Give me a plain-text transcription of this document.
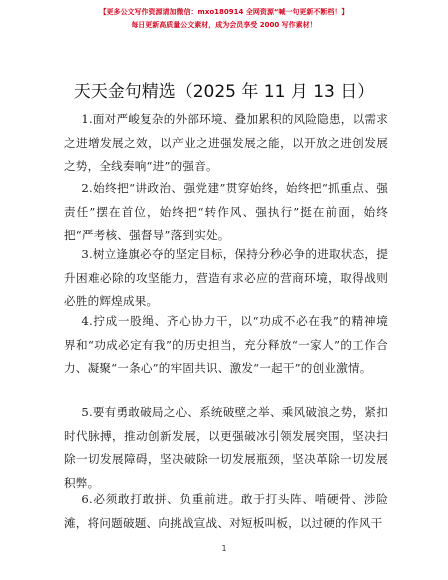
【更多公文写作资源请加微信：mxo180914 全网资源“喊一句更新不断档！】
每日更新高质量公文素材，成为会员享受 2000 写作素材！
天天金句精选（2025 年 11 月 13 日）

1.面对严峻复杂的外部环境、叠加累积的风险隐患，以需求之进增发展之效，以产业之进强发展之能，以开放之进创发展之势，全线奏响“进”的强音。

2.始终把“讲政治、强党建”贯穿始终，始终把“抓重点、强责任”摆在首位，始终把“转作风、强执行”挺在前面，始终把“严考核、强督导”落到实处。

3.树立逢旗必夺的坚定目标，保持分秒必争的进取状态，提升困难必除的攻坚能力，营造有求必应的营商环境，取得战则必胜的辉煌成果。

4.拧成一股绳、齐心协力干，以“功成不必在我”的精神境界和“功成必定有我”的历史担当，充分释放“一家人”的工作合力、凝聚“一条心”的牢固共识、激发“一起干”的创业激情。

5.要有勇敢破局之心、系统破壁之举、乘风破浪之势，紧扣时代脉搏，推动创新发展，以更强破冰引领发展突围，坚决扫除一切发展障碍，坚决破除一切发展瓶颈，坚决革除一切发展积弊。

6.必须敢打敢拼、负重前进。敢于打头阵、啃硬骨、涉险滩，将问题破题、向挑战宣战、对短板叫板，以过硬的作风干

1
